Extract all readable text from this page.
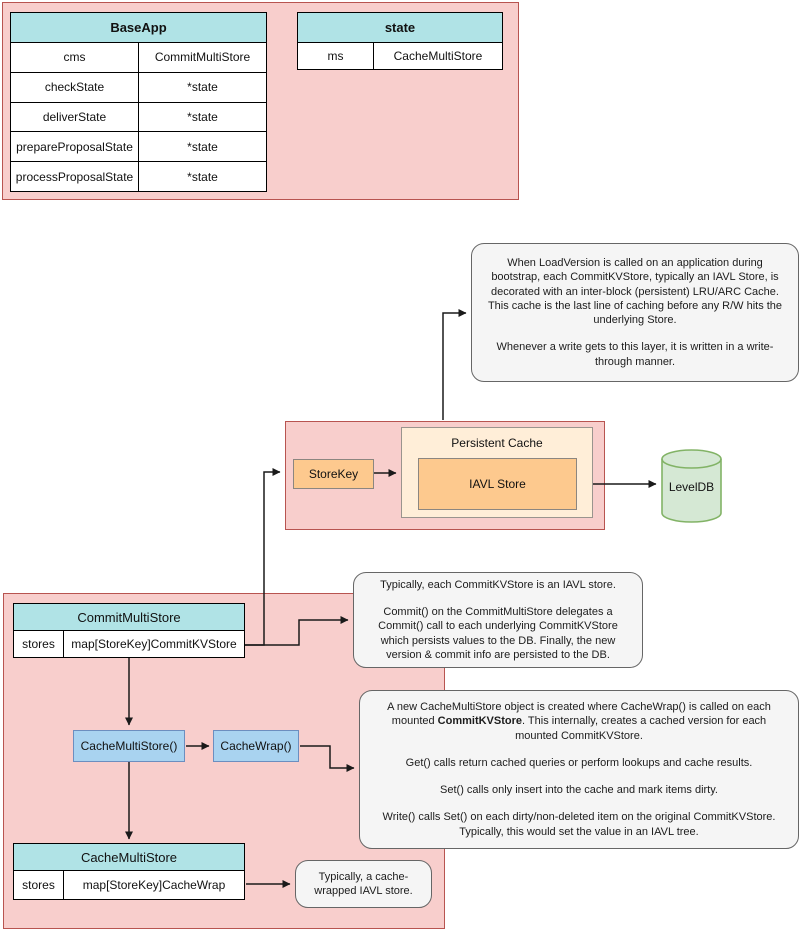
BaseApp
cms	CommitMultiStore
checkState	*state
deliverState	*state
prepareProposalState	*state
processProposalState	*state
state
ms	CacheMultiStore

When LoadVersion is called on an application during bootstrap, each CommitKVStore, typically an IAVL Store, is decorated with an inter-block (persistent) LRU/ARC Cache. This cache is the last line of caching before any R/W hits the underlying Store.

Whenever a write gets to this layer, it is written in a write-through manner.

StoreKey
Persistent Cache
IAVL Store	LevelDB
CommitMultiStore
stores	map[StoreKey]CommitKVStore

Typically, each CommitKVStore is an IAVL store.

Commit() on the CommitMultiStore delegates a Commit() call to each underlying CommitKVStore which persists values to the DB. Finally, the new version & commit info are persisted to the DB.

CacheMultiStore()	CacheWrap()

A new CacheMultiStore object is created where CacheWrap() is called on each mounted CommitKVStore. This internally, creates a cached version for each mounted CommitKVStore.

Get() calls return cached queries or perform lookups and cache results.

Set() calls only insert into the cache and mark items dirty.

Write() calls Set() on each dirty/non-deleted item on the original CommitKVStore. Typically, this would set the value in an IAVL tree.

CacheMultiStore
stores	map[StoreKey]CacheWrap

Typically, a cache-wrapped IAVL store.
